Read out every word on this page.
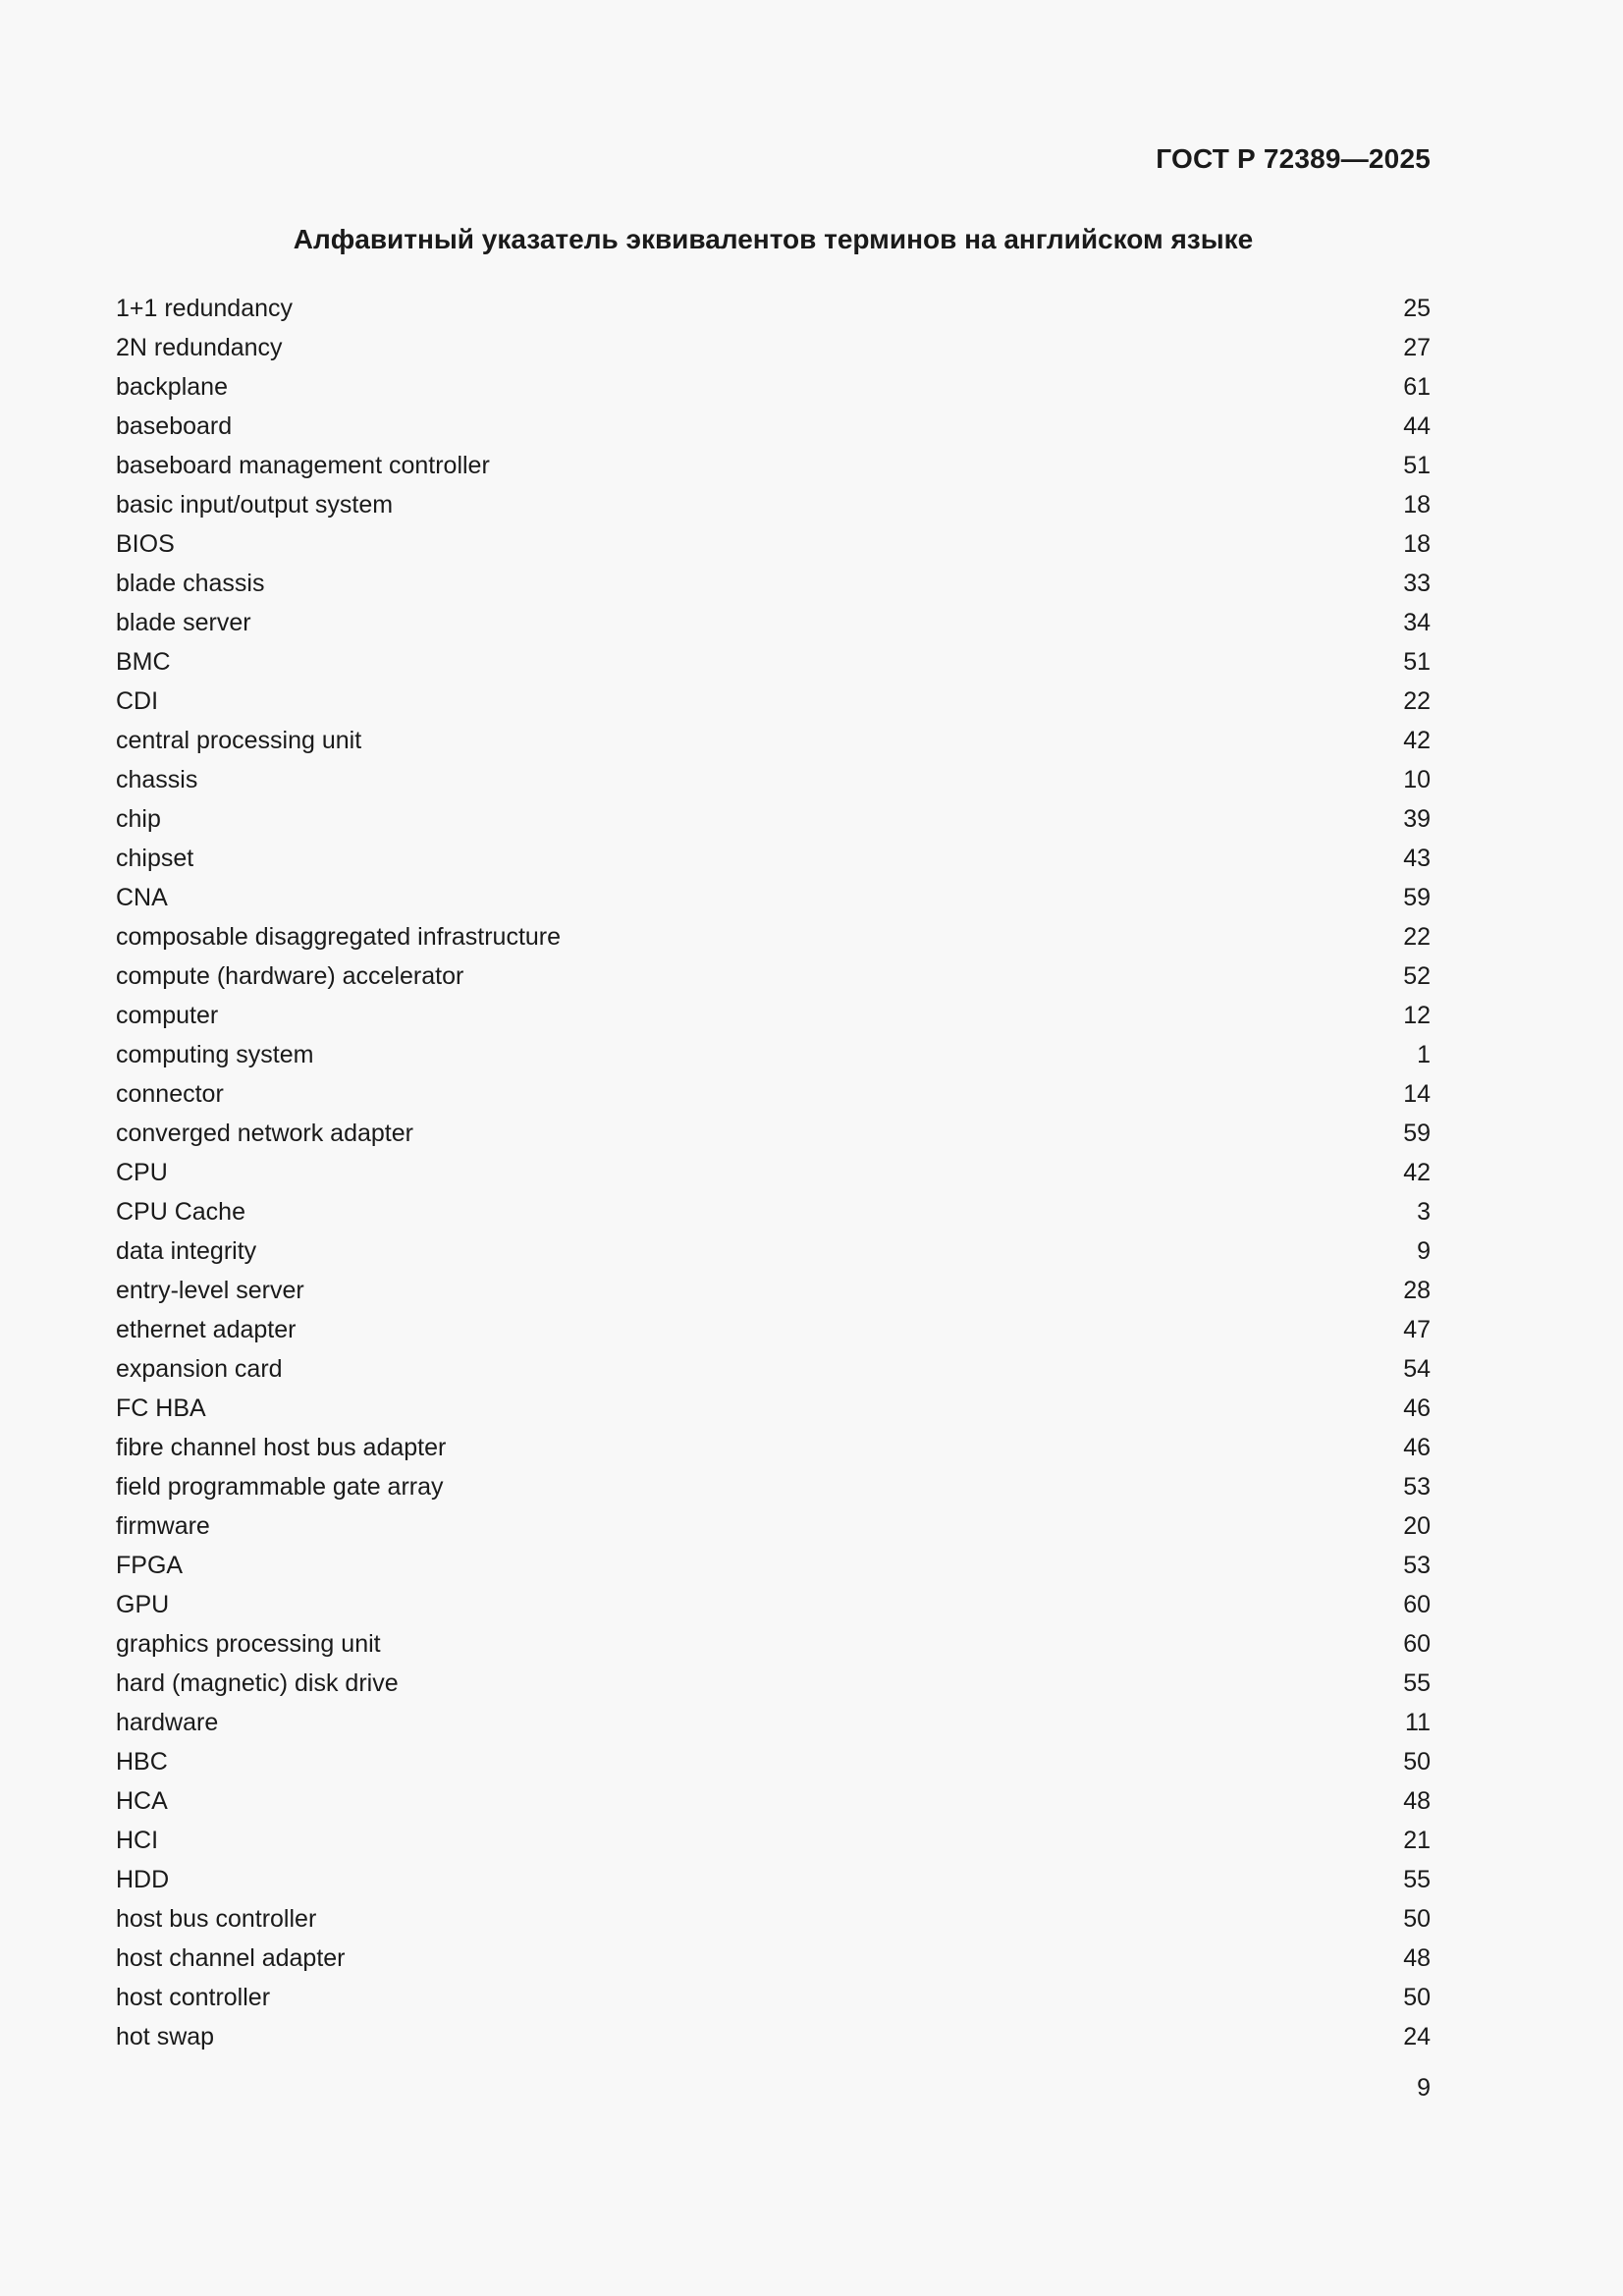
ГОСТ Р 72389—2025
Алфавитный указатель эквивалентов терминов на английском языке
1+1 redundancy	25
2N redundancy	27
backplane	61
baseboard	44
baseboard management controller	51
basic input/output system	18
BIOS	18
blade chassis	33
blade server	34
BMC	51
CDI	22
central processing unit	42
chassis	10
chip	39
chipset	43
CNA	59
composable disaggregated infrastructure	22
compute (hardware) accelerator	52
computer	12
computing system	1
connector	14
converged network adapter	59
CPU	42
CPU Cache	3
data integrity	9
entry-level server	28
ethernet adapter	47
expansion card	54
FC HBA	46
fibre channel host bus adapter	46
field programmable gate array	53
firmware	20
FPGA	53
GPU	60
graphics processing unit	60
hard (magnetic) disk drive	55
hardware	11
HBC	50
HCA	48
HCI	21
HDD	55
host bus controller	50
host channel adapter	48
host controller	50
hot swap	24
9
